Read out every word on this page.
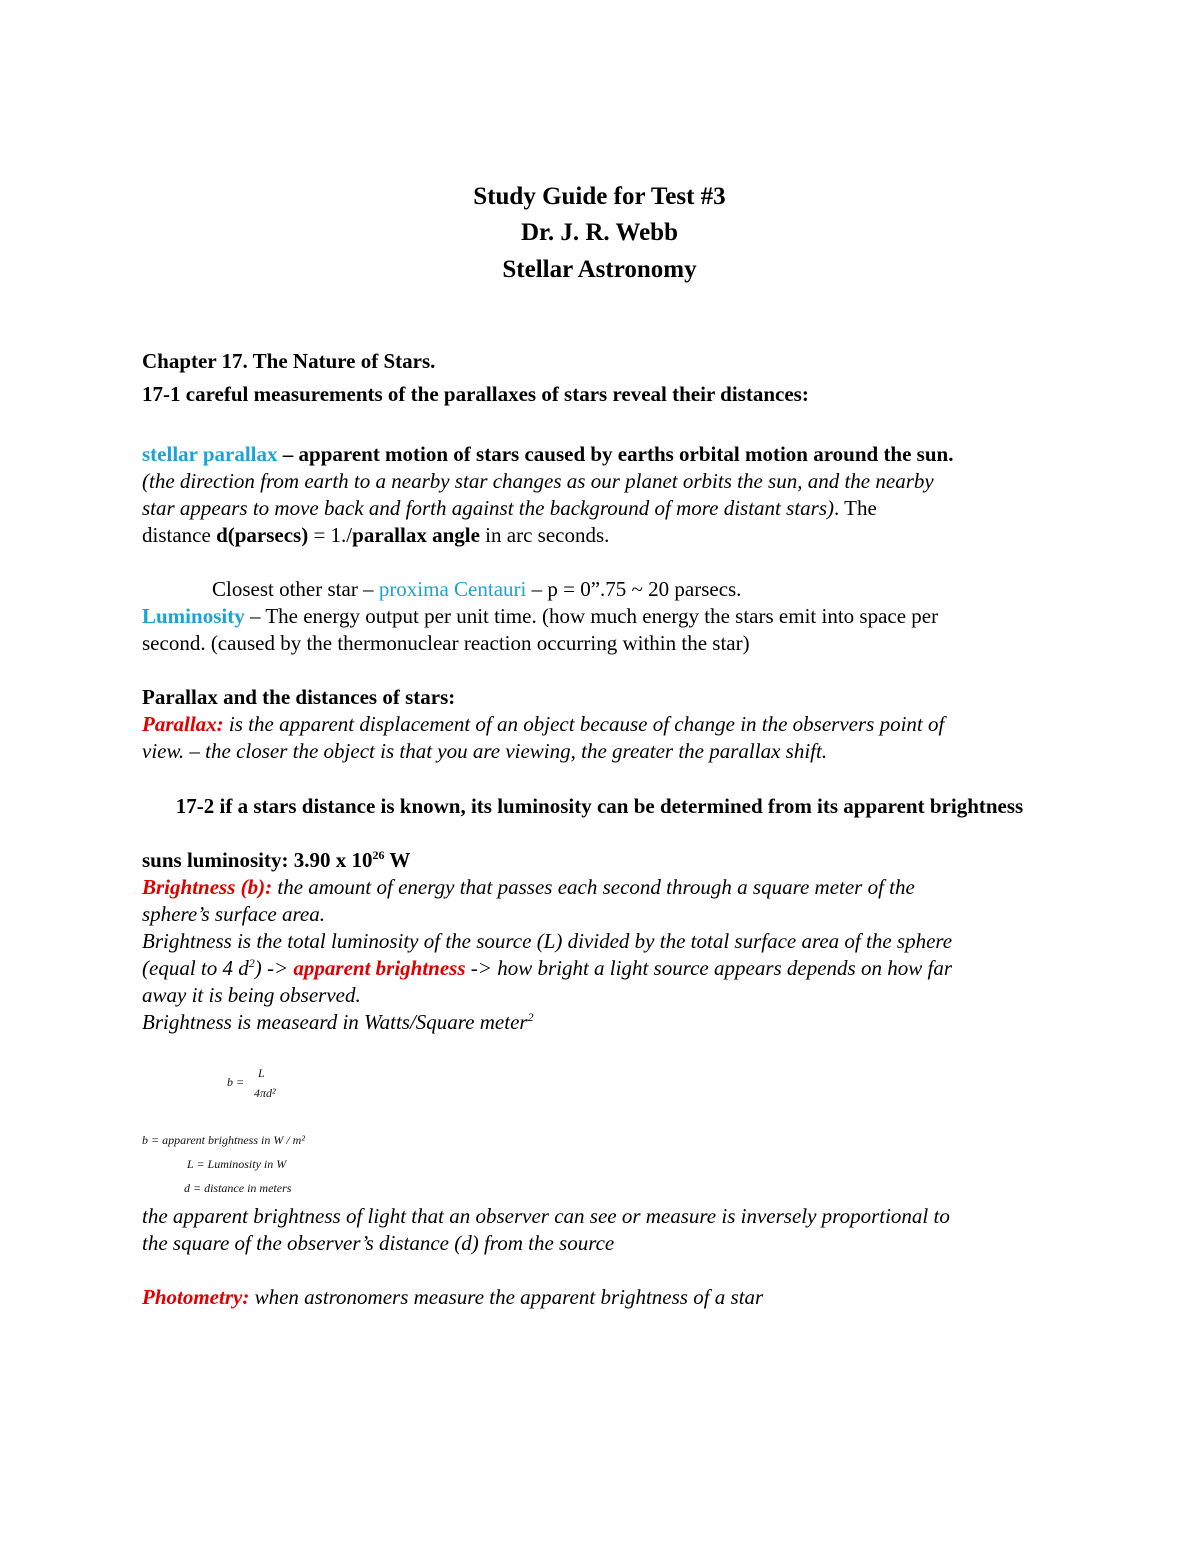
Study Guide for Test #3
Dr. J. R. Webb
Stellar Astronomy
Chapter 17. The Nature of Stars.
17-1 careful measurements of the parallaxes of stars reveal their distances:
stellar parallax – apparent motion of stars caused by earths orbital motion around the sun.
(the direction from earth to a nearby star changes as our planet orbits the sun, and the nearby
star appears to move back and forth against the background of more distant stars). The
distance d(parsecs) = 1./parallax angle in arc seconds.
Closest other star – proxima Centauri – p = 0”.75 ~ 20 parsecs.
Luminosity – The energy output per unit time. (how much energy the stars emit into space per
second. (caused by the thermonuclear reaction occurring within the star)
Parallax and the distances of stars:
Parallax: is the apparent displacement of an object because of change in the observers point of
view. – the closer the object is that you are viewing, the greater the parallax shift.
17-2 if a stars distance is known, its luminosity can be determined from its apparent brightness
suns luminosity: 3.90 x $10^{26}$ W
Brightness (b): the amount of energy that passes each second through a square meter of the
sphere’s surface area.
Brightness is the total luminosity of the source (L) divided by the total surface area of the sphere
(equal to 4 $d^2$) -> apparent brightness -> how bright a light source appears depends on how far
away it is being observed.
Brightness is measeard in Watts/Square meter$^2$
b =
L
4πd²
b = apparent brightness in W / m²
L = Luminosity in W
d = distance in meters
the apparent brightness of light that an observer can see or measure is inversely proportional to
the square of the observer’s distance (d) from the source
Photometry: when astronomers measure the apparent brightness of a star
